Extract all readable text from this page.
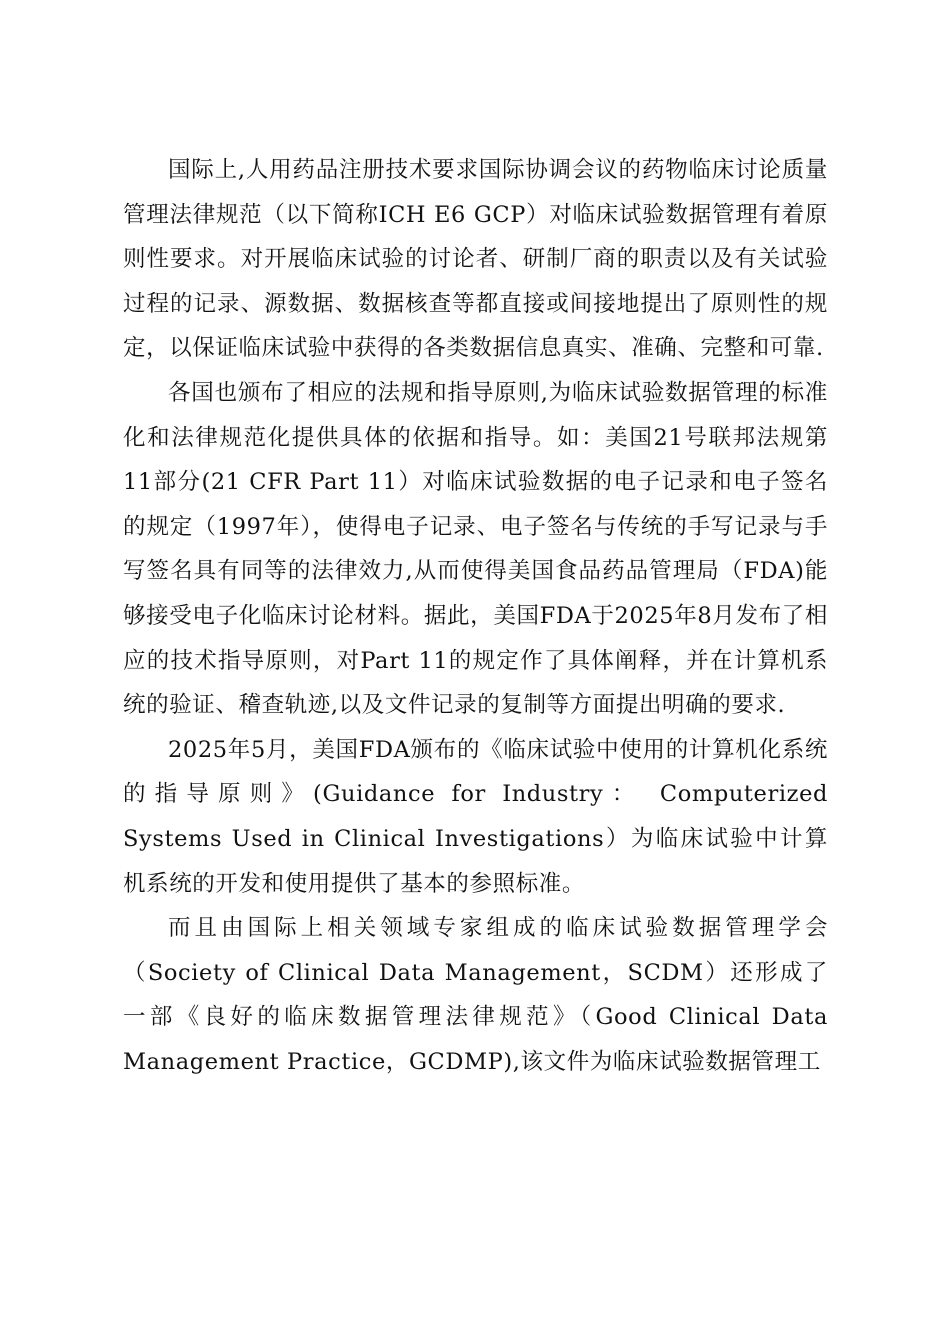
国际上,人用药品注册技术要求国际协调会议的药物临床讨论质量管理法律规范（以下简称ICH E6 GCP）对临床试验数据管理有着原则性要求。对开展临床试验的讨论者、研制厂商的职责以及有关试验过程的记录、源数据、数据核查等都直接或间接地提出了原则性的规定，以保证临床试验中获得的各类数据信息真实、准确、完整和可靠.

各国也颁布了相应的法规和指导原则,为临床试验数据管理的标准化和法律规范化提供具体的依据和指导。如：美国21号联邦法规第11部分(21 CFR Part 11）对临床试验数据的电子记录和电子签名的规定（1997年），使得电子记录、电子签名与传统的手写记录与手写签名具有同等的法律效力,从而使得美国食品药品管理局（FDA)能够接受电子化临床讨论材料。据此，美国FDA于2025年8月发布了相应的技术指导原则，对Part 11的规定作了具体阐释，并在计算机系统的验证、稽查轨迹,以及文件记录的复制等方面提出明确的要求.

2025年5月，美国FDA颁布的《临床试验中使用的计算机化系统的指导原则》(Guidance for Industry： Computerized Systems Used in Clinical Investigations）为临床试验中计算机系统的开发和使用提供了基本的参照标准。

而且由国际上相关领域专家组成的临床试验数据管理学会（Society of Clinical Data Management，SCDM）还形成了一部《良好的临床数据管理法律规范》（Good Clinical Data Management Practice，GCDMP),该文件为临床试验数据管理工
